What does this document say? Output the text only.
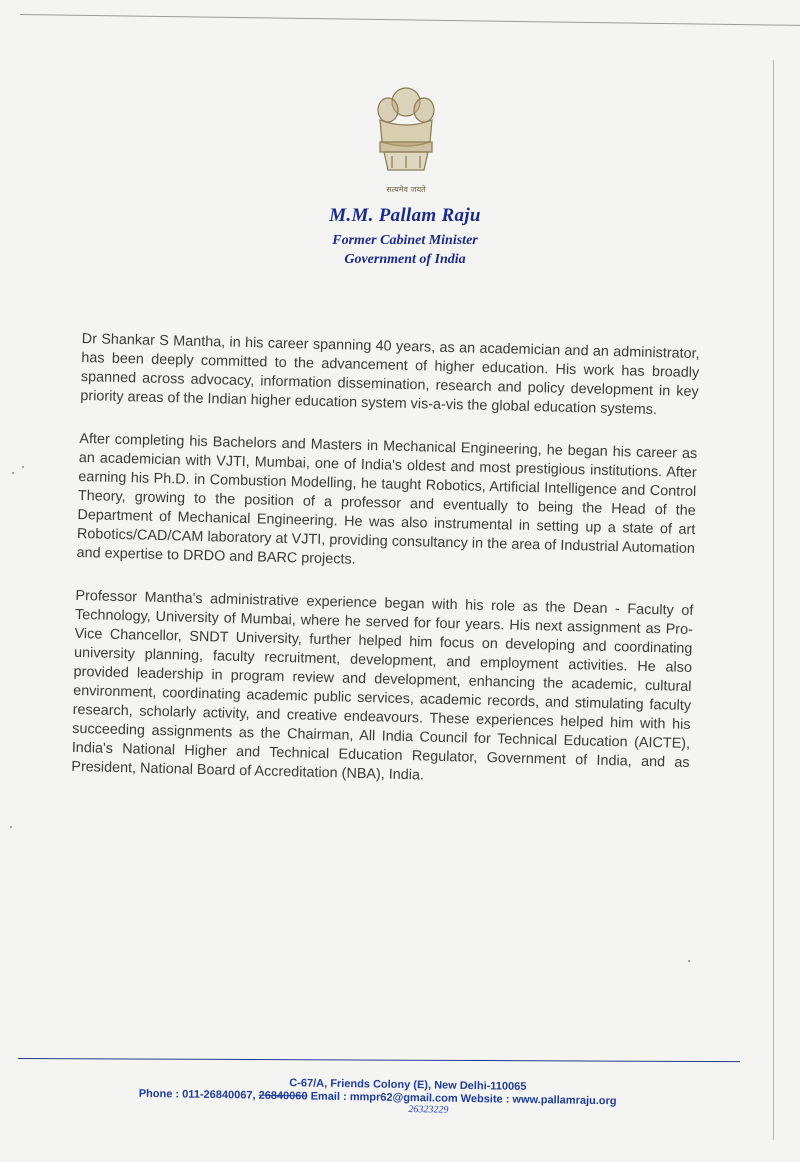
सत्यमेव जयते
M.M. Pallam Raju
Former Cabinet Minister
Government of India

Dr Shankar S Mantha, in his career spanning 40 years, as an academician and an administrator, has been deeply committed to the advancement of higher education. His work has broadly spanned across advocacy, information dissemination, research and policy development in key priority areas of the Indian higher education system vis-a-vis the global education systems.

After completing his Bachelors and Masters in Mechanical Engineering, he began his career as an academician with VJTI, Mumbai, one of India's oldest and most prestigious institutions. After earning his Ph.D. in Combustion Modelling, he taught Robotics, Artificial Intelligence and Control Theory, growing to the position of a professor and eventually to being the Head of the Department of Mechanical Engineering. He was also instrumental in setting up a state of art Robotics/CAD/CAM laboratory at VJTI, providing consultancy in the area of Industrial Automation and expertise to DRDO and BARC projects.

Professor Mantha's administrative experience began with his role as the Dean - Faculty of Technology, University of Mumbai, where he served for four years. His next assignment as Pro-Vice Chancellor, SNDT University, further helped him focus on developing and coordinating university planning, faculty recruitment, development, and employment activities. He also provided leadership in program review and development, enhancing the academic, cultural environment, coordinating academic public services, academic records, and stimulating faculty research, scholarly activity, and creative endeavours. These experiences helped him with his succeeding assignments as the Chairman, All India Council for Technical Education (AICTE), India's National Higher and Technical Education Regulator, Government of India, and as President, National Board of Accreditation (NBA), India.

C-67/A, Friends Colony (E), New Delhi-110065
Phone : 011-26840067, 26840060
26323229
Email : mmpr62@gmail.com Website : www.pallamraju.org
